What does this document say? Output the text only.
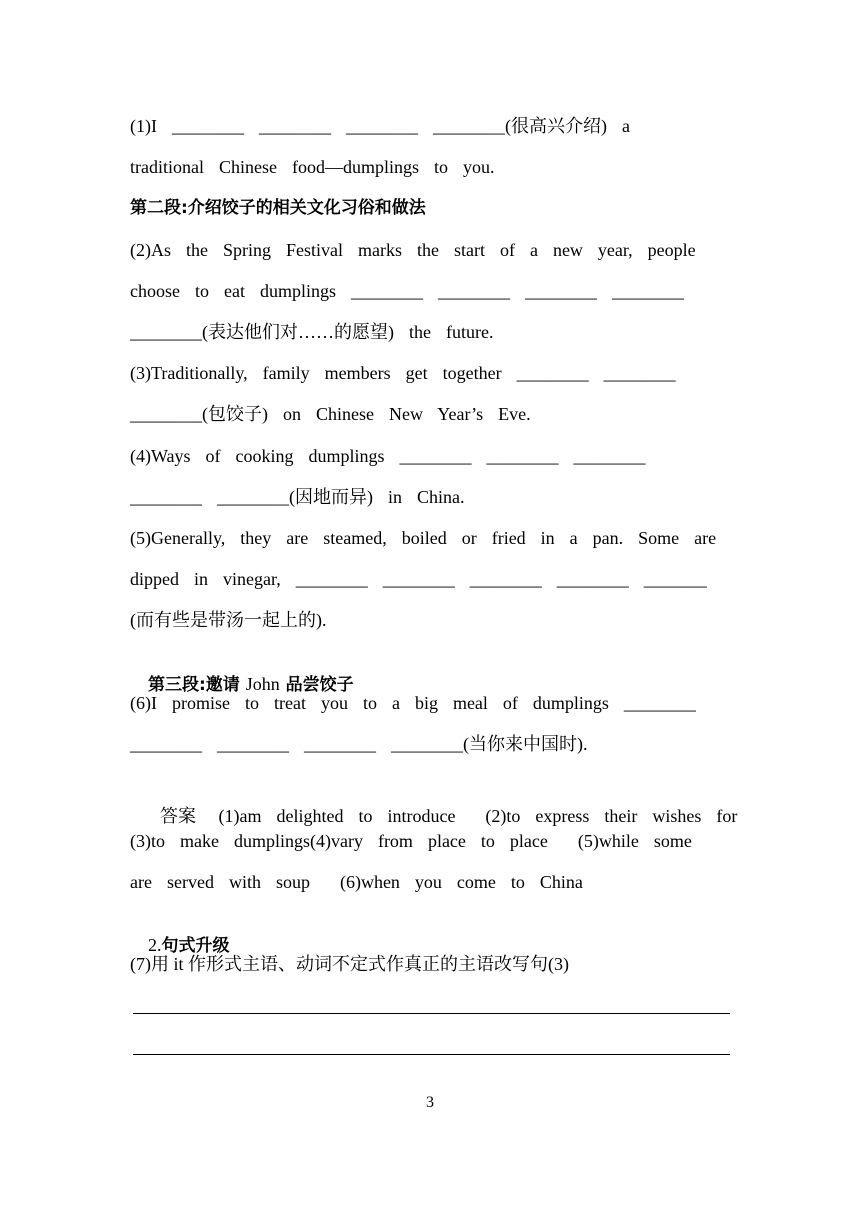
(1)I  ________  ________  ________  ________(很高兴介绍)  a
traditional  Chinese  food—dumplings  to  you.
第二段:介绍饺子的相关文化习俗和做法
(2)As  the  Spring  Festival  marks  the  start  of  a  new  year,  people
choose  to  eat  dumplings  ________  ________  ________  ________
________(表达他们对……的愿望)  the  future.
(3)Traditionally,  family  members  get  together  ________  ________
________(包饺子)  on  Chinese  New  Year’s  Eve.
(4)Ways  of  cooking  dumplings  ________  ________  ________
________  ________(因地而异)  in  China.
(5)Generally,  they  are  steamed,  boiled  or  fried  in  a  pan.  Some  are
dipped  in  vinegar,  ________  ________  ________  ________  _______
(而有些是带汤一起上的).

第三段:邀请 John 品尝饺子

(6)I  promise  to  treat  you  to  a  big  meal  of  dumplings  ________
________  ________  ________  ________(当你来中国时).

答案   (1)am  delighted  to  introduce    (2)to  express  their  wishes  for

(3)to  make  dumplings(4)vary  from  place  to  place    (5)while  some
are  served  with  soup    (6)when  you  come  to  China

2.句式升级

(7)用 it 作形式主语、动词不定式作真正的主语改写句(3)
3
